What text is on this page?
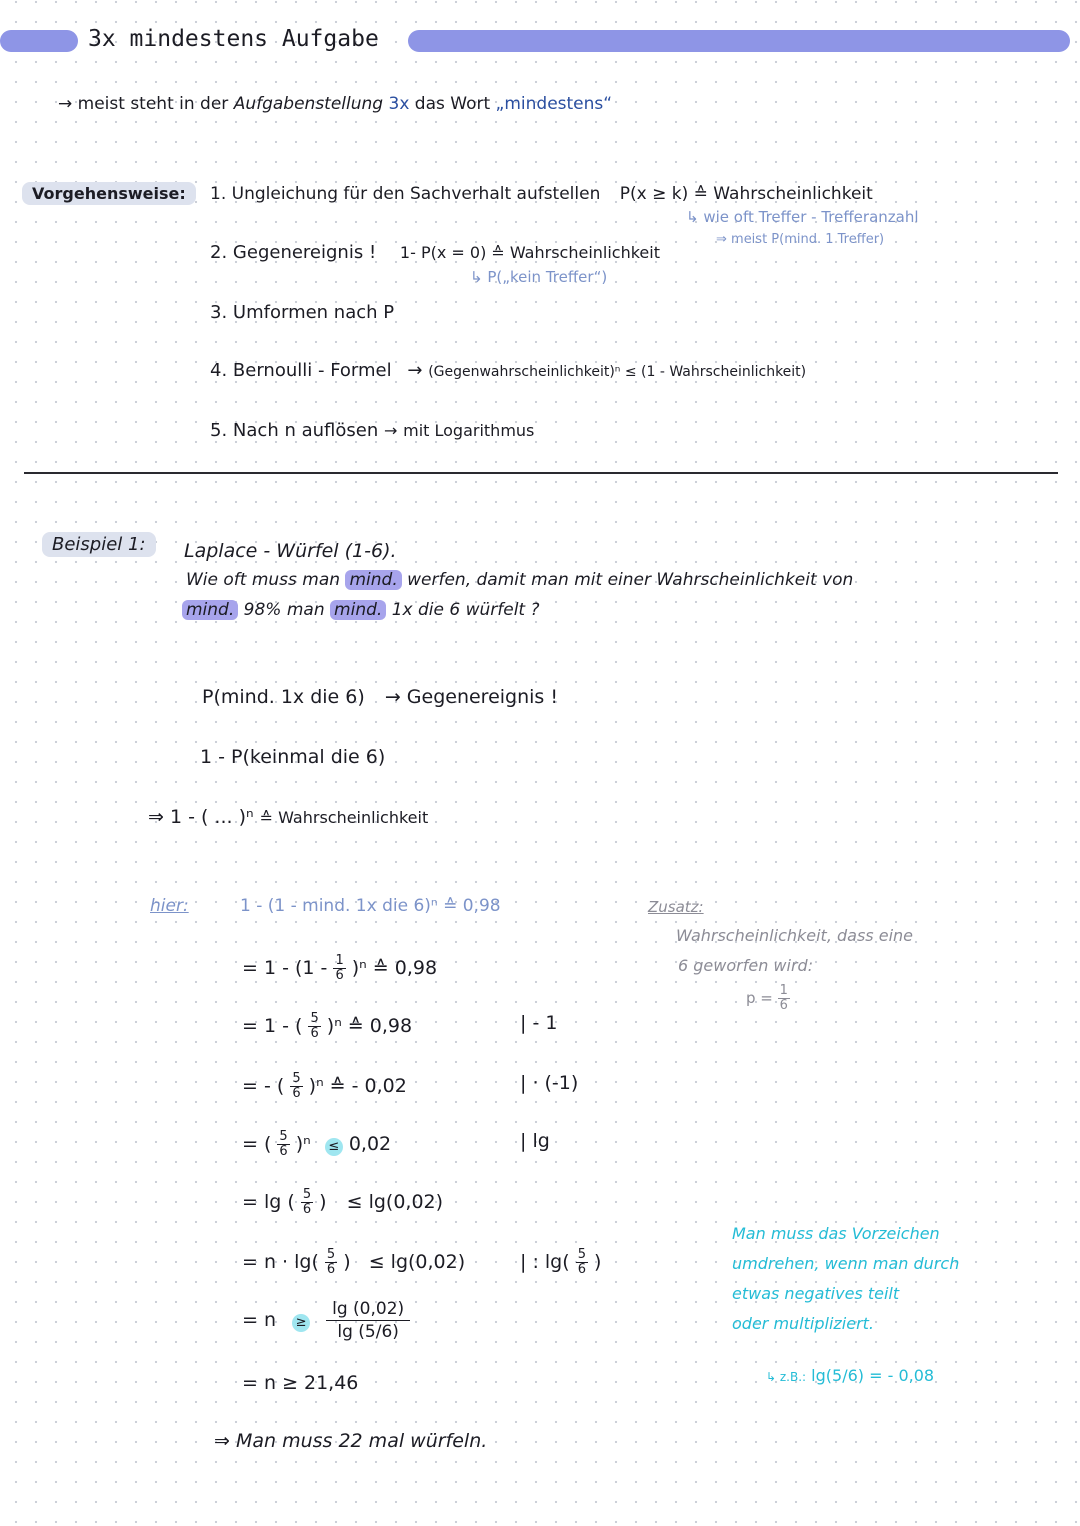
3x mindestens Aufgabe
→ meist steht in der Aufgabenstellung 3x das Wort „mindestens“
Vorgehensweise:	1. Ungleichung für den Sachverhalt aufstellen P(x ≥ k) ≙ Wahrscheinlichkeit
↳ wie oft Treffer - Trefferanzahl
⇒ meist P(mind. 1 Treffer)
2. Gegenereignis ! 1- P(x = 0) ≙ Wahrscheinlichkeit
↳ P(„kein Treffer“)
3. Umformen nach P
4. Bernoulli - Formel → (Gegenwahrscheinlichkeit)ⁿ ≤ (1 - Wahrscheinlichkeit)
5. Nach n auflösen → mit Logarithmus
Beispiel 1:	Laplace - Würfel (1-6).
Wie oft muss man mind. werfen, damit man mit einer Wahrscheinlichkeit von
mind. 98% man mind. 1x die 6 würfelt ?
P(mind. 1x die 6) → Gegenereignis !
1 - P(keinmal die 6)
⇒ 1 - ( ... )ⁿ ≙ Wahrscheinlichkeit
hier:	1 - (1 - mind. 1x die 6)ⁿ ≙ 0,98
= $1 - (1 - \frac{1}{6} )^n$ ≙ 0,98
= 1 - ( $\frac{5}{6} )^n$ ≙ 0,98	| - 1
= - ( $\frac{5}{6} )^n$ ≙ - 0,02	| · (-1)
= ( $\frac{5}{6} )^n \le 0,02$	| lg
= lg ( $\frac{5}{6}$ ) ≤ lg(0,02)
= $n \cdot \lg( \frac{5}{6}$ ) ≤ lg(0,02)	| : $\lg( \frac{5}{6}$ )
= $n \ge \frac{\lg (0,02)}{\lg (5/6)}$
= n ≥ 21,46
⇒ Man muss 22 mal würfeln.
Zusatz:
Wahrscheinlichkeit, dass eine
6 geworfen wird:
$p = \frac{1}{6}$
Man muss das Vorzeichen
umdrehen, wenn man durch
etwas negatives teilt
oder multipliziert.
↳ z.B.: lg(5/6) = - 0,08
